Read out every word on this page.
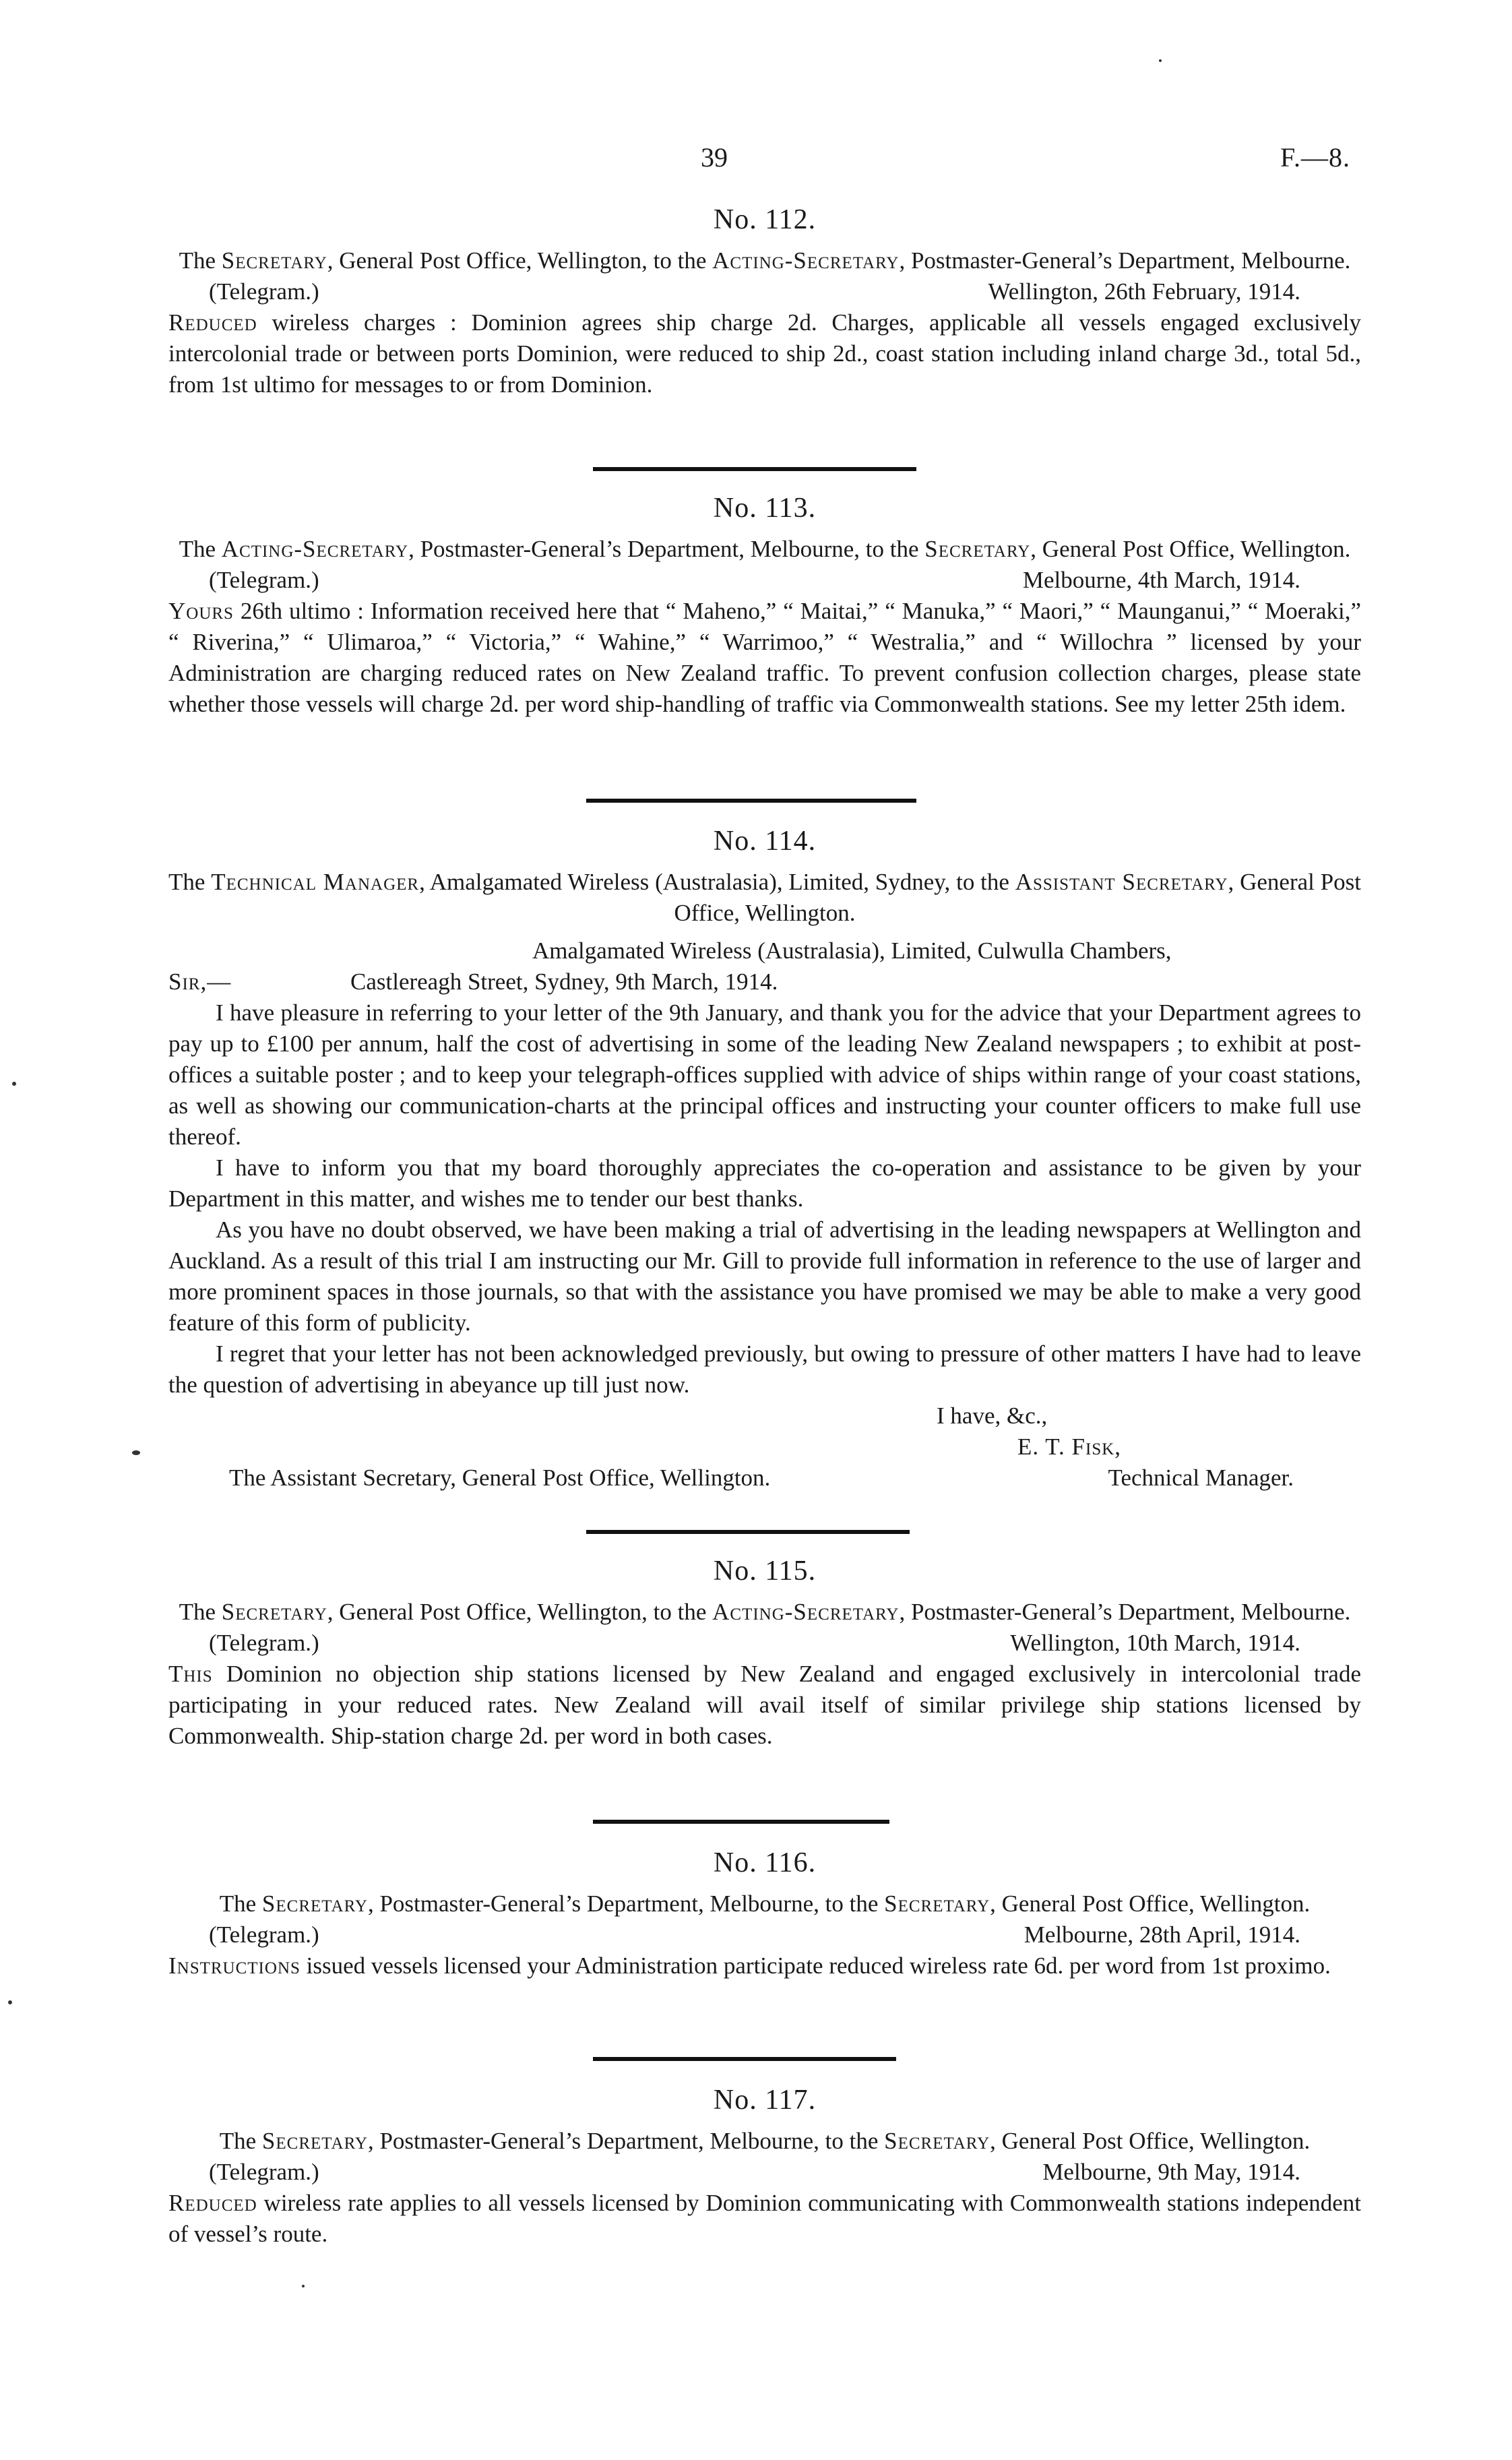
39	F.—8.
No. 112.
The Secretary, General Post Office, Wellington, to the Acting-Secretary, Postmaster-General’s Department, Melbourne.
(Telegram.)	Wellington, 26th February, 1914.
Reduced wireless charges : Dominion agrees ship charge 2d. Charges, applicable all vessels engaged exclusively intercolonial trade or between ports Dominion, were reduced to ship 2d., coast station including inland charge 3d., total 5d., from 1st ultimo for messages to or from Dominion.
No. 113.
The Acting-Secretary, Postmaster-General’s Department, Melbourne, to the Secretary, General Post Office, Wellington.
(Telegram.)	Melbourne, 4th March, 1914.
Yours 26th ultimo : Information received here that “ Maheno,” “ Maitai,” “ Manuka,” “ Maori,” “ Maunganui,” “ Moeraki,” “ Riverina,” “ Ulimaroa,” “ Victoria,” “ Wahine,” “ Warrimoo,” “ Westralia,” and “ Willochra ” licensed by your Administration are charging reduced rates on New Zealand traffic. To prevent confusion collection charges, please state whether those vessels will charge 2d. per word ship-handling of traffic via Commonwealth stations. See my letter 25th idem.
No. 114.
The Technical Manager, Amalgamated Wireless (Australasia), Limited, Sydney, to the Assistant Secretary, General Post Office, Wellington.
Amalgamated Wireless (Australasia), Limited, Culwulla Chambers,
Sir,—	Castlereagh Street, Sydney, 9th March, 1914.
I have pleasure in referring to your letter of the 9th January, and thank you for the advice that your Department agrees to pay up to £100 per annum, half the cost of advertising in some of the leading New Zealand newspapers ; to exhibit at post-offices a suitable poster ; and to keep your telegraph-offices supplied with advice of ships within range of your coast stations, as well as showing our communication-charts at the principal offices and instructing your counter officers to make full use thereof.
I have to inform you that my board thoroughly appreciates the co-operation and assistance to be given by your Department in this matter, and wishes me to tender our best thanks.
As you have no doubt observed, we have been making a trial of advertising in the leading newspapers at Wellington and Auckland. As a result of this trial I am instructing our Mr. Gill to provide full information in reference to the use of larger and more prominent spaces in those journals, so that with the assistance you have promised we may be able to make a very good feature of this form of publicity.
I regret that your letter has not been acknowledged previously, but owing to pressure of other matters I have had to leave the question of advertising in abeyance up till just now.
I have, &c.,
E. T. Fisk,
The Assistant Secretary, General Post Office, Wellington.	Technical Manager.
No. 115.
The Secretary, General Post Office, Wellington, to the Acting-Secretary, Postmaster-General’s Department, Melbourne.
(Telegram.)	Wellington, 10th March, 1914.
This Dominion no objection ship stations licensed by New Zealand and engaged exclusively in intercolonial trade participating in your reduced rates. New Zealand will avail itself of similar privilege ship stations licensed by Commonwealth. Ship-station charge 2d. per word in both cases.
No. 116.
The Secretary, Postmaster-General’s Department, Melbourne, to the Secretary, General Post Office, Wellington.
(Telegram.)	Melbourne, 28th April, 1914.
Instructions issued vessels licensed your Administration participate reduced wireless rate 6d. per word from 1st proximo.
No. 117.
The Secretary, Postmaster-General’s Department, Melbourne, to the Secretary, General Post Office, Wellington.
(Telegram.)	Melbourne, 9th May, 1914.
Reduced wireless rate applies to all vessels licensed by Dominion communicating with Commonwealth stations independent of vessel’s route.
